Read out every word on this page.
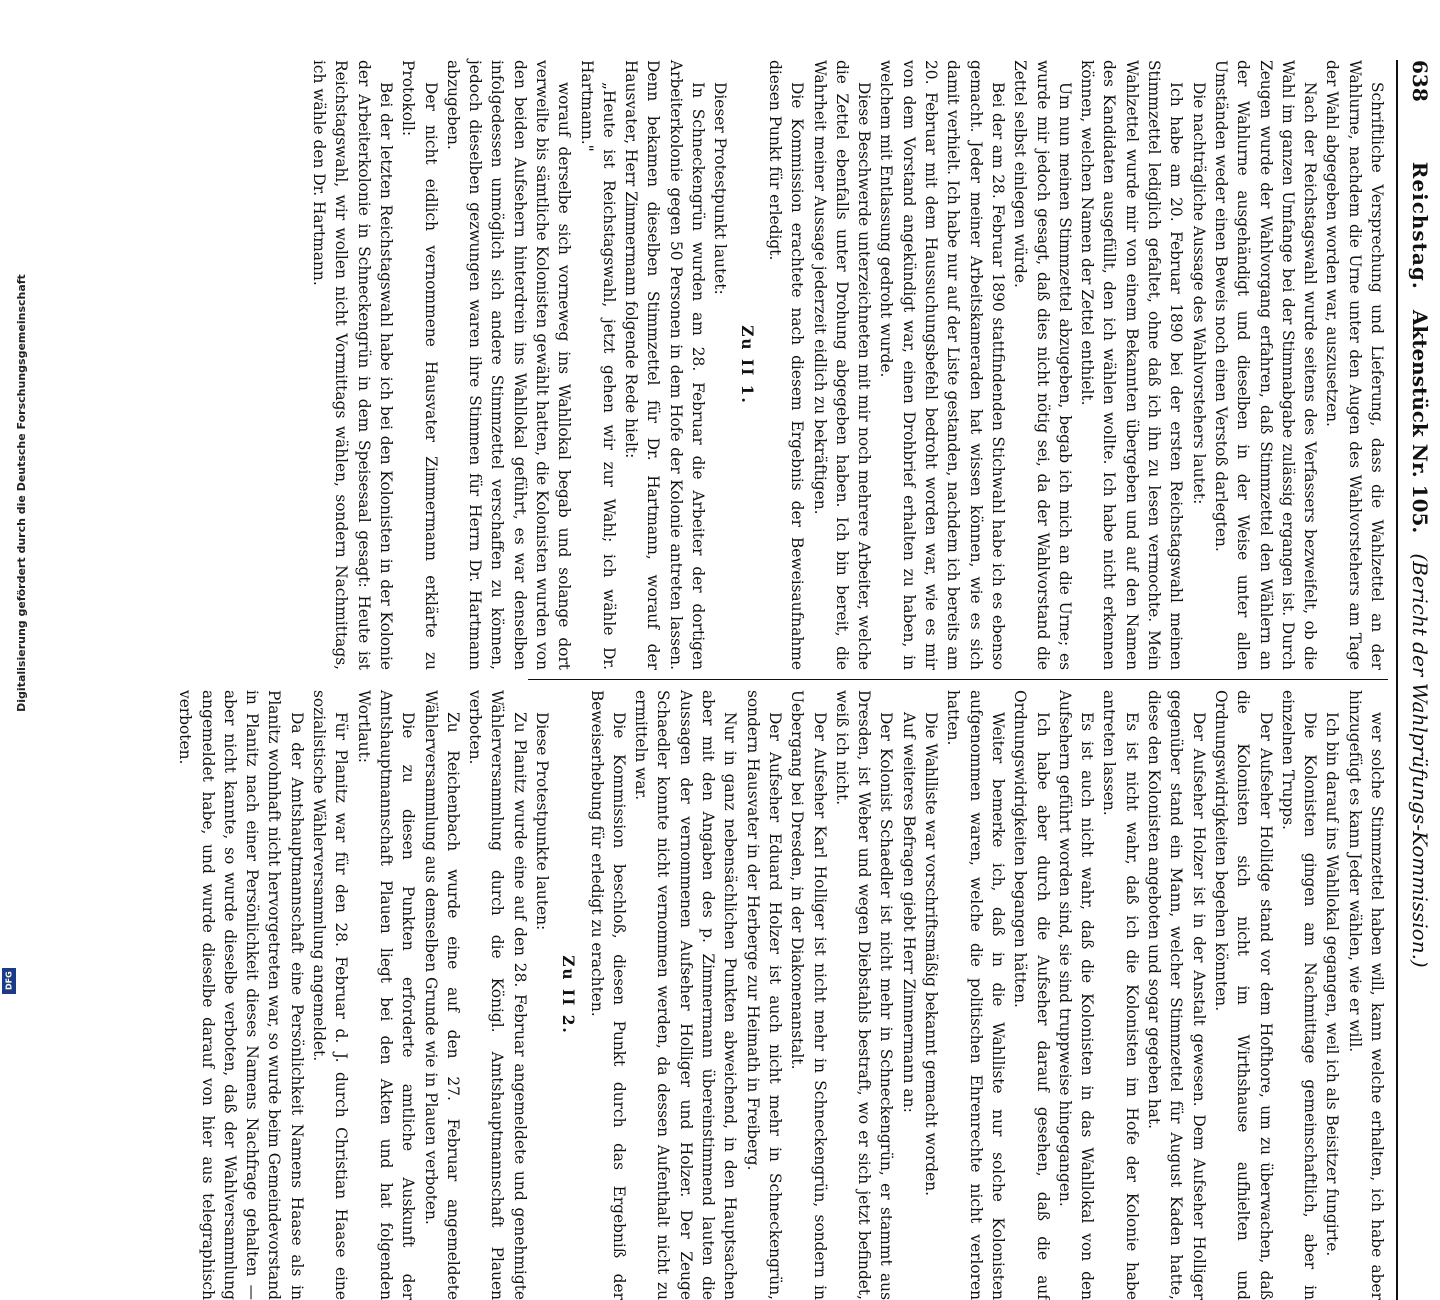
Digitalisierung gefördert durch die Deutsche Forschungsgemeinschaft
DFG
638
Reichstag.
Aktenstück Nr. 105.
(Bericht der Wahlprüfungs-Kommission.)

Schriftliche Versprechung und Lieferung, dass die Wahlzettel an der Wahlurne, nachdem die Urne unter den Augen des Wahlvorstehers am Tage der Wahl abgegeben worden war, auszusetzen.

Nach der Reichstagswahl wurde seitens des Verfassers bezweifelt, ob die Wahl im ganzen Umfange bei der Stimmabgabe zulässig ergangen ist. Durch Zeugen wurde der Wahlvorgang erfahren, daß Stimmzettel den Wählern an der Wahlurne ausgehändigt und dieselben in der Weise unter allen Umständen weder einen Beweis noch einen Verstoß darlegten.

Die nachträgliche Aussage des Wahlvorstehers lautet:

Ich habe am 20. Februar 1890 bei der ersten Reichstagswahl meinen Stimmzettel lediglich gefaltet, ohne daß ich ihn zu lesen vermochte. Mein Wahlzettel wurde mir von einem Bekannten übergeben und auf den Namen des Kandidaten ausgefüllt, den ich wählen wollte. Ich habe nicht erkennen können, welchen Namen der Zettel enthielt.

Um nun meinen Stimmzettel abzugeben, begab ich mich an die Urne; es wurde mir jedoch gesagt, daß dies nicht nötig sei, da der Wahlvorstand die Zettel selbst einlegen würde.

Bei der am 28. Februar 1890 stattfindenden Stichwahl habe ich es ebenso gemacht. Jeder meiner Arbeitskameraden hat wissen können, wie es sich damit verhielt. Ich habe nur auf der Liste gestanden, nachdem ich bereits am 20. Februar mit dem Haussuchungsbefehl bedroht worden war, wie es mir von dem Vorstand angekündigt war, einen Drohbrief erhalten zu haben, in welchem mit Entlassung gedroht wurde.

Diese Beschwerde unterzeichneten mit mir noch mehrere Arbeiter, welche die Zettel ebenfalls unter Drohung abgegeben haben. Ich bin bereit, die Wahrheit meiner Aussage jederzeit eidlich zu bekräftigen.

Die Kommission erachtete nach diesem Ergebnis der Beweisaufnahme diesen Punkt für erledigt.

Zu II 1.

Dieser Protestpunkt lautet:

In Schneckengrün wurden am 28. Februar die Arbeiter der dortigen Arbeiterkolonie gegen 50 Personen in dem Hofe der Kolonie antreten lassen. Denn bekamen dieselben Stimmzettel für Dr. Hartmann, worauf der Hausvater, Herr Zimmermann folgende Rede hielt:

„Heute ist Reichstagswahl, jetzt gehen wir zur Wahl; ich wähle Dr. Hartmann."

worauf derselbe sich vorneweg ins Wahllokal begab und solange dort verweilte bis sämtliche Kolonisten gewählt hatten, die Kolonisten wurden von den beiden Aufsehern hinterdrein ins Wahllokal geführt, es war denselben infolgedessen unmöglich sich andere Stimmzettel verschaffen zu können, jedoch dieselben gezwungen waren ihre Stimmen für Herrn Dr. Hartmann abzugeben.

Der nicht eidlich vernommene Hausvater Zimmermann erklärte zu Protokoll:

Bei der letzten Reichstagswahl habe ich bei den Kolonisten in der Kolonie der Arbeiterkolonie in Schneckengrün in dem Speisesaal gesagt: Heute ist Reichstagswahl, wir wollen nicht Vormittags wählen, sondern Nachmittags, ich wähle den Dr. Hartmann.

wer solche Stimmzettel haben will, kann welche erhalten, ich habe aber hinzugefügt es kann Jeder wählen, wie er will.

Ich bin darauf ins Wahllokal gegangen, weil ich als Beisitzer fungirte.

Die Kolonisten gingen am Nachmittage gemeinschaftlich, aber in einzelnen Trupps.

Der Aufseher Hollidge stand vor dem Hofthore, um zu überwachen, daß die Kolonisten sich nicht im Wirthshause aufhielten und Ordnungswidrigkeiten begehen könnten.

Der Aufseher Holzer ist in der Anstalt gewesen. Dem Aufseher Holliger gegenüber stand ein Mann, welcher Stimmzettel für August Kaden hatte, diese den Kolonisten angeboten und sogar gegeben hat.

Es ist nicht wahr, daß ich die Kolonisten im Hofe der Kolonie habe antreten lassen.

Es ist auch nicht wahr, daß die Kolonisten in das Wahllokal von den Aufsehern geführt worden sind, sie sind truppweise hingegangen.

Ich habe aber durch die Aufseher darauf gesehen, daß die auf Ordnungswidrigkeiten begangen hätten.

Weiter bemerke ich, daß in die Wahlliste nur solche Kolonisten aufgenommen waren, welche die politischen Ehrenrechte nicht verloren hatten.

Die Wahlliste war vorschriftsmäßig bekannt gemacht worden.

Auf weiteres Befragen giebt Herr Zimmermann an:

Der Kolonist Schaedler ist nicht mehr in Schneckengrün, er stammt aus Dresden, ist Weber und wegen Diebstahls bestraft, wo er sich jetzt befindet, weiß ich nicht.

Der Aufseher Karl Holliger ist nicht mehr in Schneckengrün, sondern in Uebergang bei Dresden, in der Diakonenanstalt.

Der Aufseher Eduard Holzer ist auch nicht mehr in Schneckengrün, sondern Hausvater in der Herberge zur Heimath in Freiberg.

Nur in ganz nebensächlichen Punkten abweichend, in den Hauptsachen aber mit den Angaben des p. Zimmermann übereinstimmend lauten die Aussagen der vernommenen Aufseher Holliger und Holzer. Der Zeuge Schaedler konnte nicht vernommen werden, da dessen Aufenthalt nicht zu ermitteln war.

Die Kommission beschloß, diesen Punkt durch das Ergebniß der Beweiserhebung für erledigt zu erachten.

Zu II 2.

Diese Protestpunkte lauten:

Zu Planitz wurde eine auf den 28. Februar angemeldete und genehmigte Wählerversammlung durch die Königl. Amtshauptmannschaft Plauen verboten.

Zu Reichenbach wurde eine auf den 27. Februar angemeldete Wählerversammlung aus demselben Grunde wie in Plauen verboten.

Die zu diesen Punkten erforderte amtliche Auskunft der Amtshauptmannschaft Plauen liegt bei den Akten und hat folgenden Wortlaut:

Für Planitz war für den 28. Februar d. J. durch Christian Haase eine sozialistische Wählerversammlung angemeldet.

Da der Amtshauptmannschaft eine Persönlichkeit Namens Haase als in Planitz wohnhaft nicht hervorgetreten war, so wurde beim Gemeindevorstand in Planitz nach einer Persönlichkeit dieses Namens Nachfrage gehalten — aber nicht kannte, so wurde dieselbe verboten, daß der Wahlversammlung angemeldet habe, und wurde dieselbe darauf von hier aus telegraphisch verboten.
